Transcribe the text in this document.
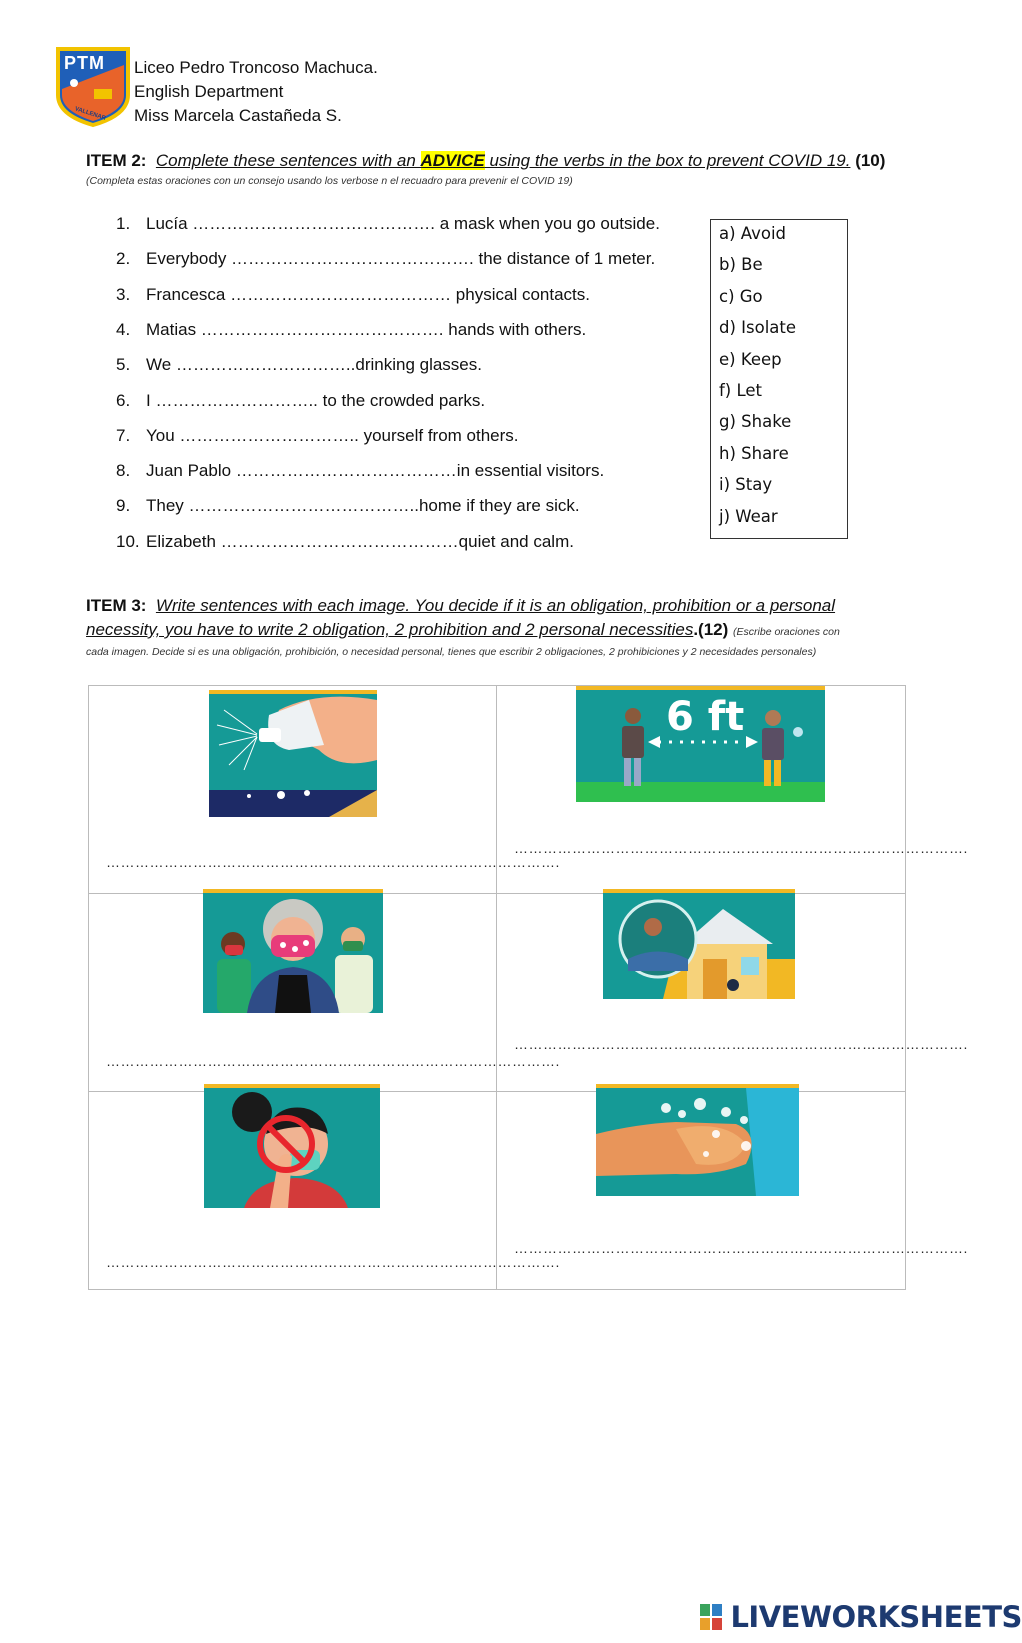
PTM
VALLENAR
Liceo Pedro Troncoso Machuca.
English Department
Miss Marcela Castañeda S.
ITEM 2:  Complete these sentences with an ADVICE using the verbs in the box to prevent COVID 19. (10)
(Completa estas oraciones con un consejo usando los verbose n el recuadro para prevenir el COVID 19)
1. Lucía ……………………………………. a mask when you go outside.
2. Everybody ……………………………………. the distance of 1 meter.
3. Francesca ………………………………… physical contacts.
4. Matias ……………………………………. hands with others.
5. We …………………………..drinking glasses.
6. I ……………………….. to the crowded parks.
7. You ………………………….. yourself from others.
8. Juan Pablo …………………………………in essential visitors.
9. They …………………………………..home if they are sick.
10. Elizabeth ……………………………………quiet and calm.
a) Avoid
b) Be
c) Go
d) Isolate
e) Keep
f) Let
g) Shake
h) Share
i) Stay
j) Wear
ITEM 3:  Write sentences with each image. You decide if it is an obligation, prohibition or a personal
necessity, you have to write 2 obligation, 2 prohibition and 2 personal necessities.(12) (Escribe oraciones con
cada imagen. Decide si es una obligación, prohibición, o necesidad personal, tienes que escribir 2 obligaciones, 2 prohibiciones y 2 necesidades personales)
6 ft
………………………………………………………………………………….
………………………………………………………………………………….
………………………………………………………………………………….
………………………………………………………………………………….
………………………………………………………………………………….
………………………………………………………………………………….
LIVEWORKSHEETS
